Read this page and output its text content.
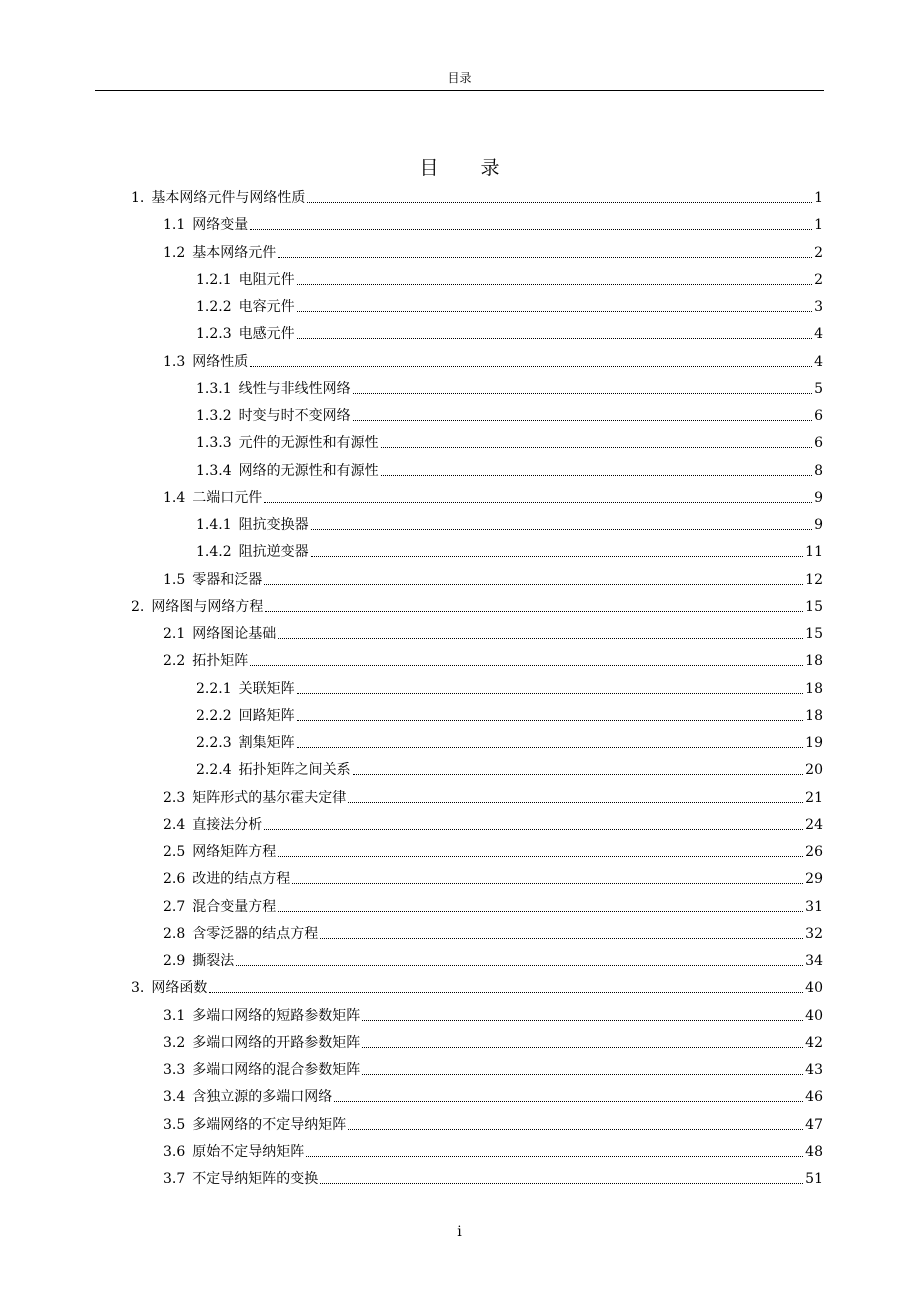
目录
目 录
1. 基本网络元件与网络性质	1
1.1 网络变量	1
1.2 基本网络元件	2
1.2.1 电阻元件	2
1.2.2 电容元件	3
1.2.3 电感元件	4
1.3 网络性质	4
1.3.1 线性与非线性网络	5
1.3.2 时变与时不变网络	6
1.3.3 元件的无源性和有源性	6
1.3.4 网络的无源性和有源性	8
1.4 二端口元件	9
1.4.1 阻抗变换器	9
1.4.2 阻抗逆变器	11
1.5 零器和泛器	12
2. 网络图与网络方程	15
2.1 网络图论基础	15
2.2 拓扑矩阵	18
2.2.1 关联矩阵	18
2.2.2 回路矩阵	18
2.2.3 割集矩阵	19
2.2.4 拓扑矩阵之间关系	20
2.3 矩阵形式的基尔霍夫定律	21
2.4 直接法分析	24
2.5 网络矩阵方程	26
2.6 改进的结点方程	29
2.7 混合变量方程	31
2.8 含零泛器的结点方程	32
2.9 撕裂法	34
3. 网络函数	40
3.1 多端口网络的短路参数矩阵	40
3.2 多端口网络的开路参数矩阵	42
3.3 多端口网络的混合参数矩阵	43
3.4 含独立源的多端口网络	46
3.5 多端网络的不定导纳矩阵	47
3.6 原始不定导纳矩阵	48
3.7 不定导纳矩阵的变换	51
i
